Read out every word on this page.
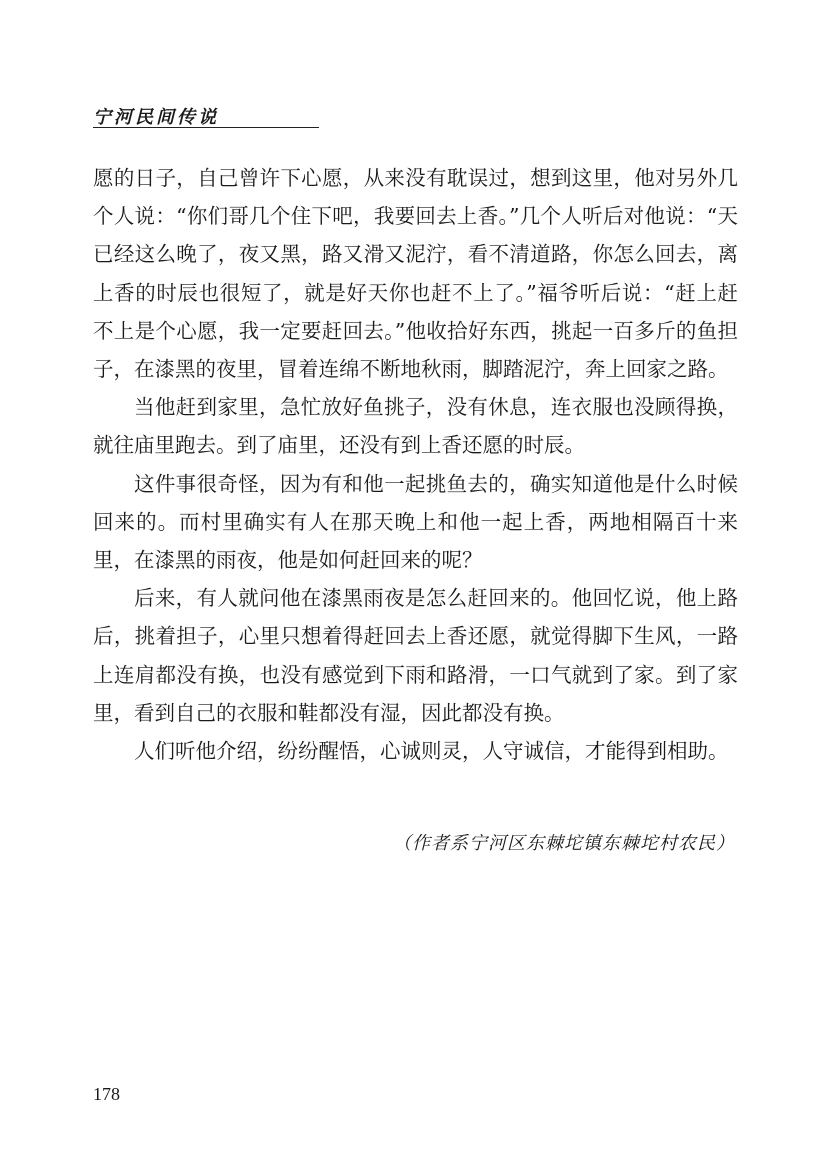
宁河民间传说

愿的日子，自己曾许下心愿，从来没有耽误过，想到这里，他对另外几个人说：“你们哥几个住下吧，我要回去上香。”几个人听后对他说：“天已经这么晚了，夜又黑，路又滑又泥泞，看不清道路，你怎么回去，离上香的时辰也很短了，就是好天你也赶不上了。”福爷听后说：“赶上赶不上是个心愿，我一定要赶回去。”他收拾好东西，挑起一百多斤的鱼担子，在漆黑的夜里，冒着连绵不断地秋雨，脚踏泥泞，奔上回家之路。

当他赶到家里，急忙放好鱼挑子，没有休息，连衣服也没顾得换，就往庙里跑去。到了庙里，还没有到上香还愿的时辰。

这件事很奇怪，因为有和他一起挑鱼去的，确实知道他是什么时候回来的。而村里确实有人在那天晚上和他一起上香，两地相隔百十来里，在漆黑的雨夜，他是如何赶回来的呢？

后来，有人就问他在漆黑雨夜是怎么赶回来的。他回忆说，他上路后，挑着担子，心里只想着得赶回去上香还愿，就觉得脚下生风，一路上连肩都没有换，也没有感觉到下雨和路滑，一口气就到了家。到了家里，看到自己的衣服和鞋都没有湿，因此都没有换。

人们听他介绍，纷纷醒悟，心诚则灵，人守诚信，才能得到相助。

（作者系宁河区东棘坨镇东棘坨村农民）
178
